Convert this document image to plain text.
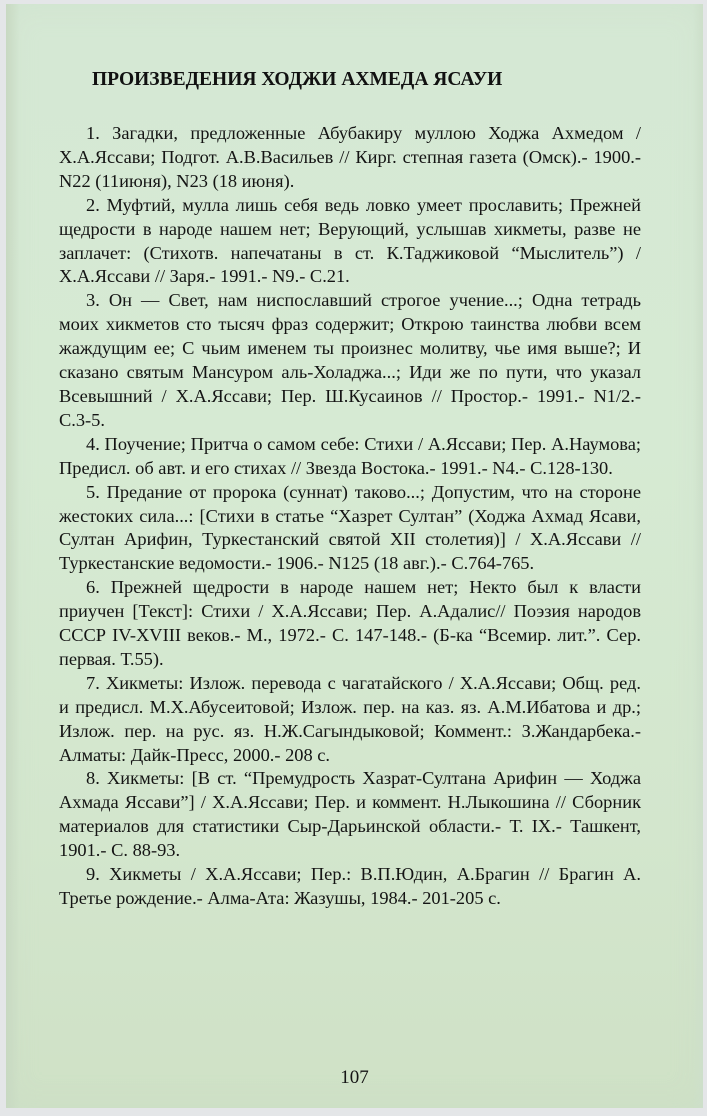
ПРОИЗВЕДЕНИЯ ХОДЖИ АХМЕДА ЯСАУИ

1. Загадки, предложенные Абубакиру муллою Ходжа Ахмедом / Х.А.Яссави; Подгот. А.В.Васильев // Кирг. степная газета (Омск).- 1900.- N22 (11июня), N23 (18 июня).

2. Муфтий, мулла лишь себя ведь ловко умеет прославить; Прежней щедрости в народе нашем нет; Верующий, услышав хикметы, разве не заплачет: (Стихотв. напечатаны в ст. К.Таджиковой “Мыслитель”) / Х.А.Яссави // Заря.- 1991.- N9.- С.21.

3. Он — Свет, нам ниспославший строгое учение...; Одна тетрадь моих хикметов сто тысяч фраз содержит; Открою таинства любви всем жаждущим ее; С чьим именем ты произнес молитву, чье имя выше?; И сказано святым Мансуром аль-Холаджа...; Иди же по пути, что указал Всевышний / Х.А.Яссави; Пер. Ш.Кусаинов // Простор.- 1991.- N1/2.- С.3-5.

4. Поучение; Притча о самом себе: Стихи / А.Яссави; Пер. А.Наумова; Предисл. об авт. и его стихах // Звезда Востока.- 1991.- N4.- С.128-130.

5. Предание от пророка (суннат) таково...; Допустим, что на стороне жестоких сила...: [Стихи в статье “Хазрет Султан” (Ходжа Ахмад Ясави, Султан Арифин, Туркестанский святой XII столетия)] / Х.А.Яссави // Туркестанские ведомости.- 1906.- N125 (18 авг.).- С.764-765.

6. Прежней щедрости в народе нашем нет; Некто был к власти приучен [Текст]: Стихи / Х.А.Яссави; Пер. А.Адалис// Поэзия народов СССР IV-XVIII веков.- М., 1972.- С. 147-148.- (Б-ка “Всемир. лит.”. Сер. первая. Т.55).

7. Хикметы: Излож. перевода с чагатайского / Х.А.Яссави; Общ. ред. и предисл. М.Х.Абусеитовой; Излож. пер. на каз. яз. А.М.Ибатова и др.; Излож. пер. на рус. яз. Н.Ж.Сагындыковой; Коммент.: З.Жандарбека.- Алматы: Дайк-Пресс, 2000.- 208 с.

8. Хикметы: [В ст. “Премудрость Хазрат-Султана Арифин — Ходжа Ахмада Яссави”] / Х.А.Яссави; Пер. и коммент. Н.Лыкошина // Сборник материалов для статистики Сыр-Дарьинской области.- Т. IX.- Ташкент, 1901.- С. 88-93.

9. Хикметы / Х.А.Яссави; Пер.: В.П.Юдин, А.Брагин // Брагин А. Третье рождение.- Алма-Ата: Жазушы, 1984.- 201-205 с.

107
